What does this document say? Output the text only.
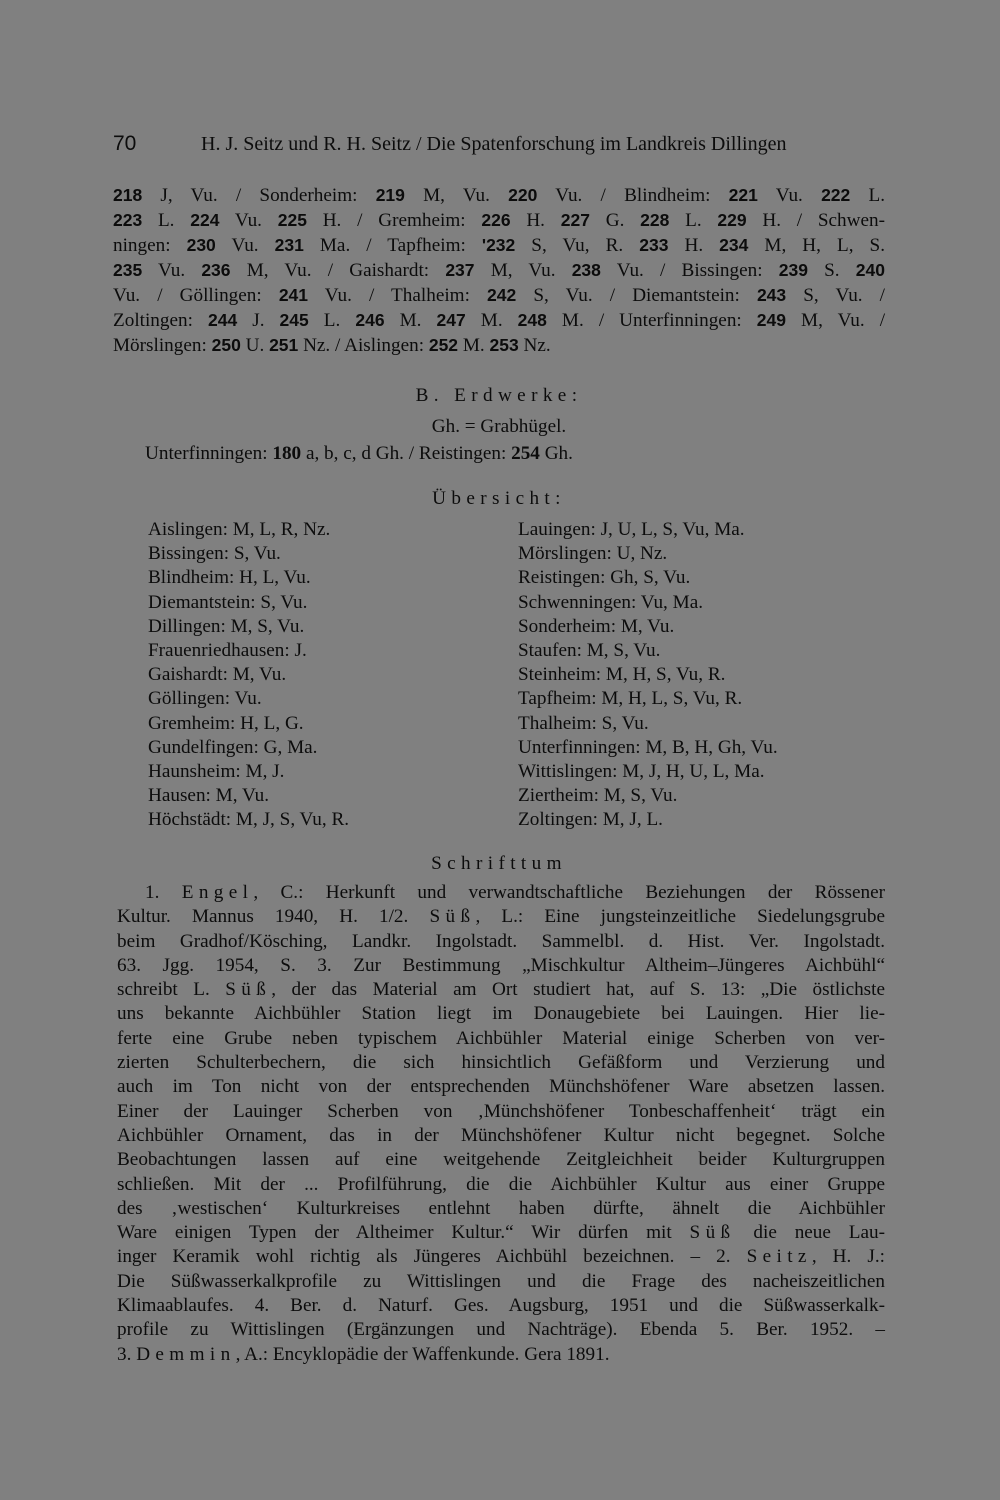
70	H. J. Seitz und R. H. Seitz / Die Spatenforschung im Landkreis Dillingen
218 J, Vu. / Sonderheim: 219 M, Vu. 220 Vu. / Blindheim: 221 Vu. 222 L.
223 L. 224 Vu. 225 H. / Gremheim: 226 H. 227 G. 228 L. 229 H. / Schwen-
ningen: 230 Vu. 231 Ma. / Tapfheim: '232 S, Vu, R. 233 H. 234 M, H, L, S.
235 Vu. 236 M, Vu. / Gaishardt: 237 M, Vu. 238 Vu. / Bissingen: 239 S. 240
Vu. / Göllingen: 241 Vu. / Thalheim: 242 S, Vu. / Diemantstein: 243 S, Vu. /
Zoltingen: 244 J. 245 L. 246 M. 247 M. 248 M. / Unterfinningen: 249 M, Vu. /
Mörslingen: 250 U. 251 Nz. / Aislingen: 252 M. 253 Nz.
B. Erdwerke:
Gh. = Grabhügel.
Unterfinningen: 180 a, b, c, d Gh. / Reistingen: 254 Gh.
Übersicht:
Aislingen: M, L, R, Nz.
Bissingen: S, Vu.
Blindheim: H, L, Vu.
Diemantstein: S, Vu.
Dillingen: M, S, Vu.
Frauenriedhausen: J.
Gaishardt: M, Vu.
Göllingen: Vu.
Gremheim: H, L, G.
Gundelfingen: G, Ma.
Haunsheim: M, J.
Hausen: M, Vu.
Höchstädt: M, J, S, Vu, R.
Lauingen: J, U, L, S, Vu, Ma.
Mörslingen: U, Nz.
Reistingen: Gh, S, Vu.
Schwenningen: Vu, Ma.
Sonderheim: M, Vu.
Staufen: M, S, Vu.
Steinheim: M, H, S, Vu, R.
Tapfheim: M, H, L, S, Vu, R.
Thalheim: S, Vu.
Unterfinningen: M, B, H, Gh, Vu.
Wittislingen: M, J, H, U, L, Ma.
Ziertheim: M, S, Vu.
Zoltingen: M, J, L.
Schrifttum
1. Engel, C.: Herkunft und verwandtschaftliche Beziehungen der Rössener
Kultur. Mannus 1940, H. 1/2. Süß, L.: Eine jungsteinzeitliche Siedelungsgrube
beim Gradhof/Kösching, Landkr. Ingolstadt. Sammelbl. d. Hist. Ver. Ingolstadt.
63. Jgg. 1954, S. 3. Zur Bestimmung „Mischkultur Altheim–Jüngeres Aichbühl“
schreibt L. Süß, der das Material am Ort studiert hat, auf S. 13: „Die östlichste
uns bekannte Aichbühler Station liegt im Donaugebiete bei Lauingen. Hier lie-
ferte eine Grube neben typischem Aichbühler Material einige Scherben von ver-
zierten Schulterbechern, die sich hinsichtlich Gefäßform und Verzierung und
auch im Ton nicht von der entsprechenden Münchshöfener Ware absetzen lassen.
Einer der Lauinger Scherben von ‚Münchshöfener Tonbeschaffenheit‘ trägt ein
Aichbühler Ornament, das in der Münchshöfener Kultur nicht begegnet. Solche
Beobachtungen lassen auf eine weitgehende Zeitgleichheit beider Kulturgruppen
schließen. Mit der ... Profilführung, die die Aichbühler Kultur aus einer Gruppe
des ‚westischen‘ Kulturkreises entlehnt haben dürfte, ähnelt die Aichbühler
Ware einigen Typen der Altheimer Kultur.“ Wir dürfen mit Süß die neue Lau-
inger Keramik wohl richtig als Jüngeres Aichbühl bezeichnen. – 2. Seitz, H. J.:
Die Süßwasserkalkprofile zu Wittislingen und die Frage des nacheiszeitlichen
Klimaablaufes. 4. Ber. d. Naturf. Ges. Augsburg, 1951 und die Süßwasserkalk-
profile zu Wittislingen (Ergänzungen und Nachträge). Ebenda 5. Ber. 1952. –
3. Demmin, A.: Encyklopädie der Waffenkunde. Gera 1891.
